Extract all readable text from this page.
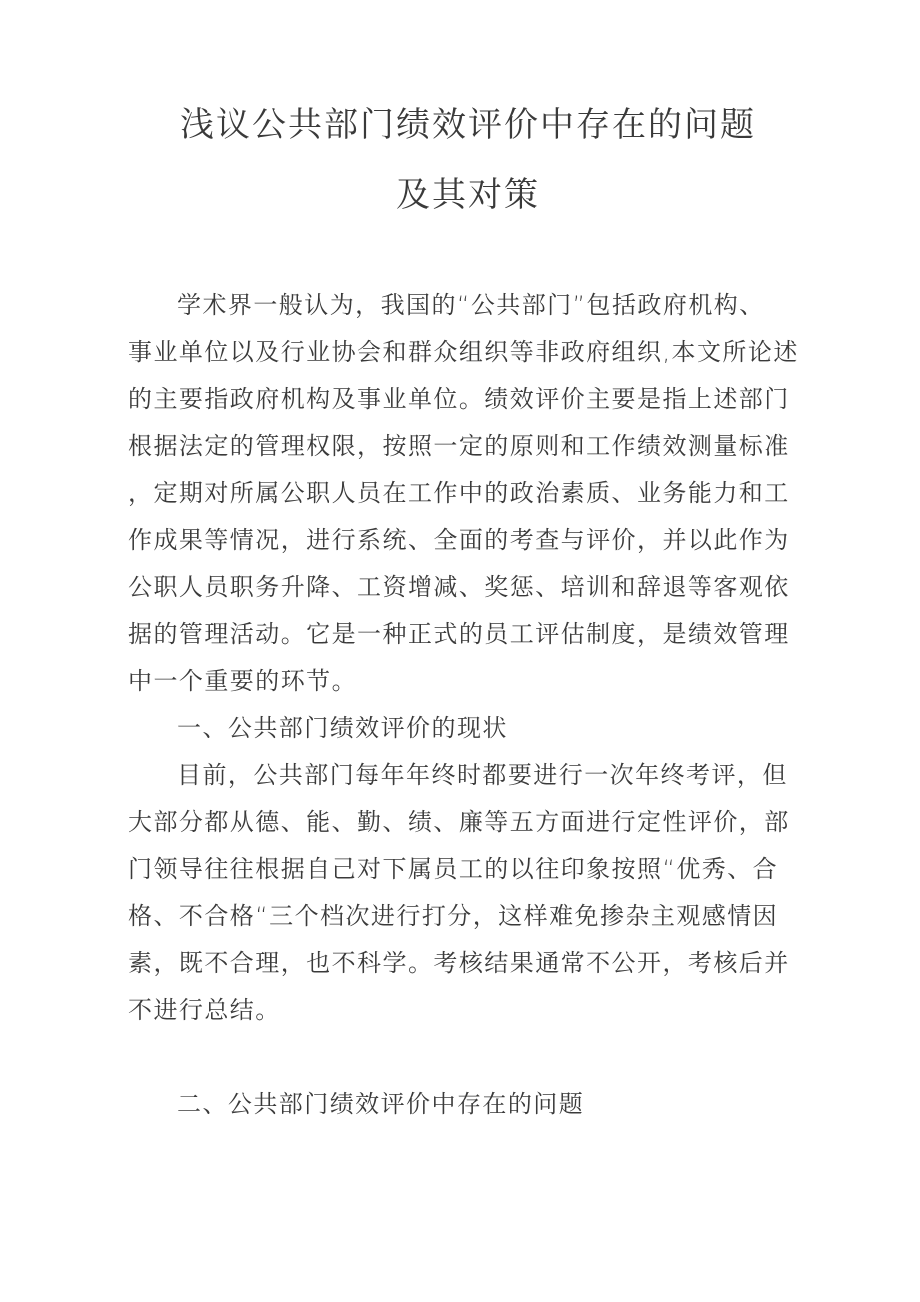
浅议公共部门绩效评价中存在的问题
及其对策

学术界一般认为，我国的“公共部门”包括政府机构、

事业单位以及行业协会和群众组织等非政府组织,本文所论述

的主要指政府机构及事业单位。绩效评价主要是指上述部门

根据法定的管理权限，按照一定的原则和工作绩效测量标准

，定期对所属公职人员在工作中的政治素质、业务能力和工

作成果等情况，进行系统、全面的考查与评价，并以此作为

公职人员职务升降、工资增减、奖惩、培训和辞退等客观依

据的管理活动。它是一种正式的员工评估制度，是绩效管理

中一个重要的环节。

一、公共部门绩效评价的现状

目前，公共部门每年年终时都要进行一次年终考评，但

大部分都从德、能、勤、绩、廉等五方面进行定性评价，部

门领导往往根据自己对下属员工的以往印象按照“优秀、合

格、不合格“三个档次进行打分，这样难免掺杂主观感情因

素，既不合理，也不科学。考核结果通常不公开，考核后并

不进行总结。

二、公共部门绩效评价中存在的问题
